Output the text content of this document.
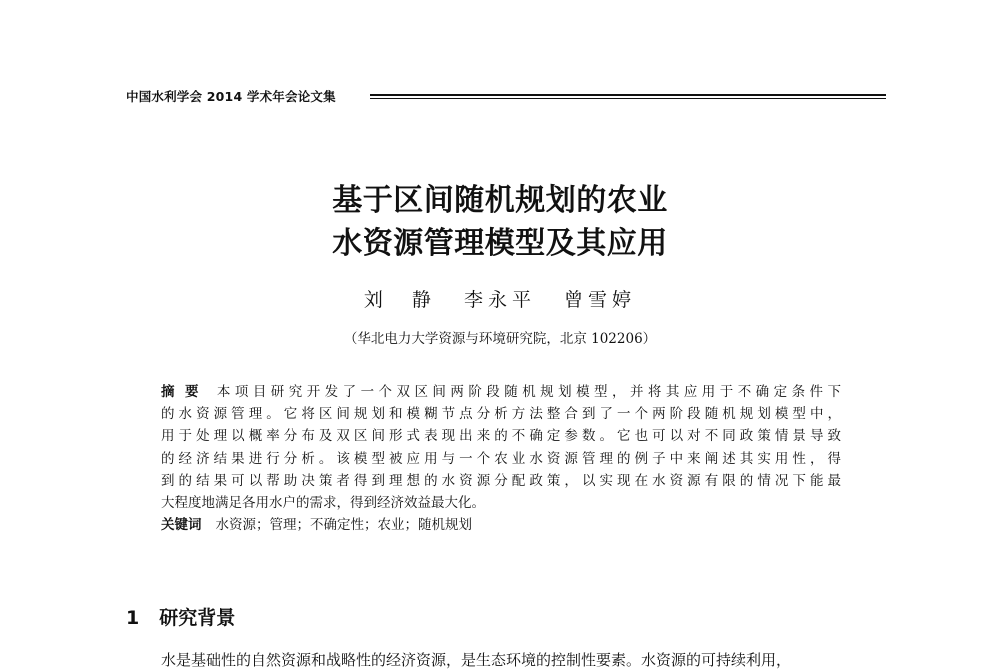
中国水利学会 2014 学术年会论文集
基于区间随机规划的农业
水资源管理模型及其应用
刘　静 李永平 曾雪婷
（华北电力大学资源与环境研究院，北京 102206）
摘要 本项目研究开发了一个双区间两阶段随机规划模型，并将其应用于不确定条件下
的水资源管理。它将区间规划和模糊节点分析方法整合到了一个两阶段随机规划模型中，
用于处理以概率分布及双区间形式表现出来的不确定参数。它也可以对不同政策情景导致
的经济结果进行分析。该模型被应用与一个农业水资源管理的例子中来阐述其实用性，得
到的结果可以帮助决策者得到理想的水资源分配政策，以实现在水资源有限的情况下能最
大程度地满足各用水户的需求，得到经济效益最大化。
关键词 水资源；管理；不确定性；农业；随机规划
1 研究背景
水是基础性的自然资源和战略性的经济资源，是生态环境的控制性要素。水资源的可持续利用，
